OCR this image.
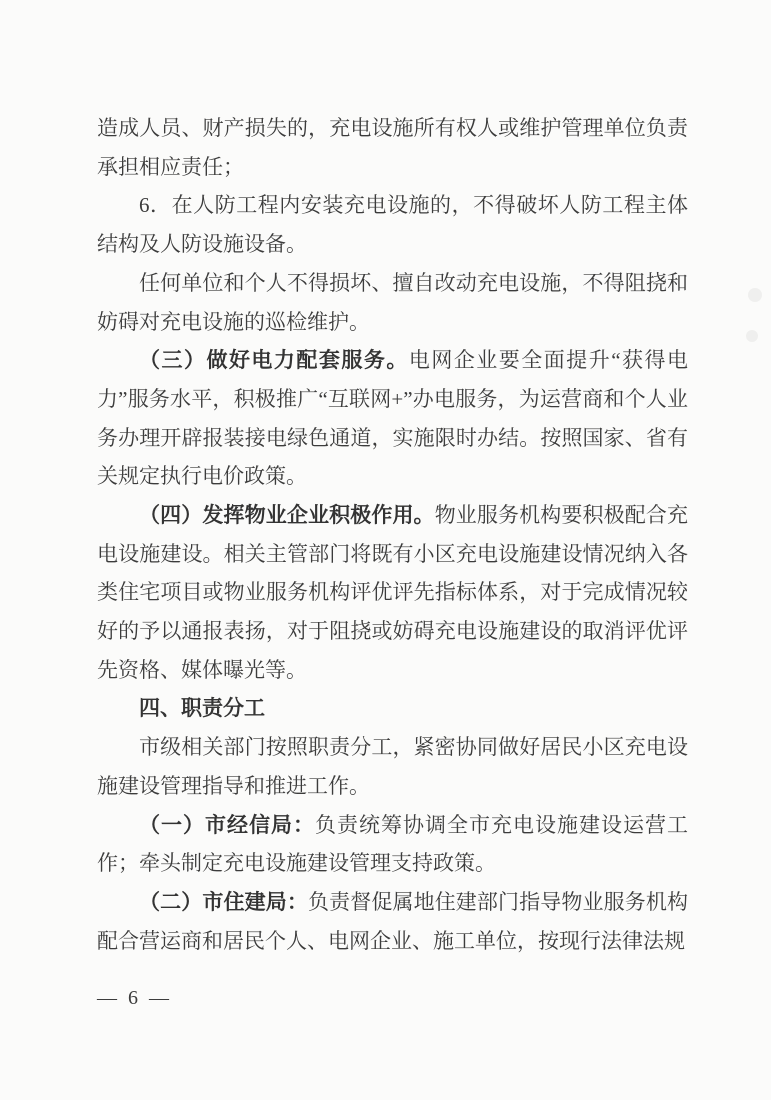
造成人员、财产损失的，充电设施所有权人或维护管理单位负责承担相应责任；

6．在人防工程内安装充电设施的，不得破坏人防工程主体结构及人防设施设备。

任何单位和个人不得损坏、擅自改动充电设施，不得阻挠和妨碍对充电设施的巡检维护。

（三）做好电力配套服务。电网企业要全面提升“获得电力”服务水平，积极推广“互联网+”办电服务，为运营商和个人业务办理开辟报装接电绿色通道，实施限时办结。按照国家、省有关规定执行电价政策。

（四）发挥物业企业积极作用。物业服务机构要积极配合充电设施建设。相关主管部门将既有小区充电设施建设情况纳入各类住宅项目或物业服务机构评优评先指标体系，对于完成情况较好的予以通报表扬，对于阻挠或妨碍充电设施建设的取消评优评先资格、媒体曝光等。

四、职责分工

市级相关部门按照职责分工，紧密协同做好居民小区充电设施建设管理指导和推进工作。

（一）市经信局：负责统筹协调全市充电设施建设运营工作；牵头制定充电设施建设管理支持政策。

（二）市住建局：负责督促属地住建部门指导物业服务机构配合营运商和居民个人、电网企业、施工单位，按现行法律法规

— 6 —
